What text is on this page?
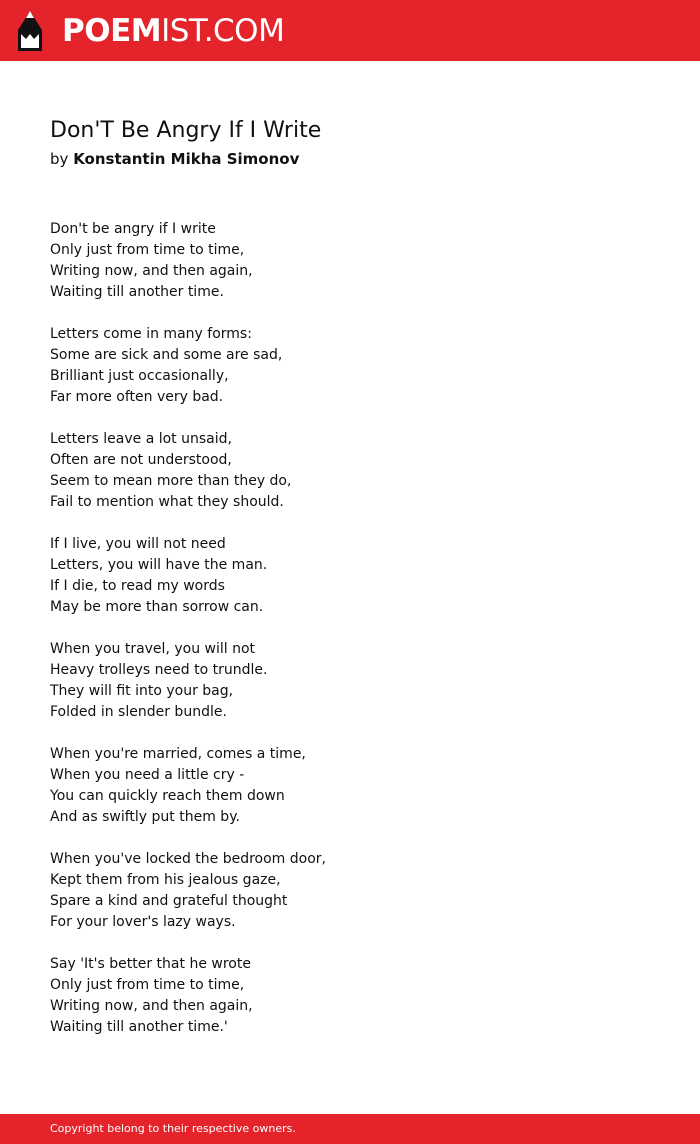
POEMIST.COM
Don'T Be Angry If I Write
by Konstantin Mikha Simonov
Don't be angry if I write
Only just from time to time,
Writing now, and then again,
Waiting till another time.
Letters come in many forms:
Some are sick and some are sad,
Brilliant just occasionally,
Far more often very bad.
Letters leave a lot unsaid,
Often are not understood,
Seem to mean more than they do,
Fail to mention what they should.
If I live, you will not need
Letters, you will have the man.
If I die, to read my words
May be more than sorrow can.
When you travel, you will not
Heavy trolleys need to trundle.
They will fit into your bag,
Folded in slender bundle.
When you're married, comes a time,
When you need a little cry -
You can quickly reach them down
And as swiftly put them by.
When you've locked the bedroom door,
Kept them from his jealous gaze,
Spare a kind and grateful thought
For your lover's lazy ways.
Say 'It's better that he wrote
Only just from time to time,
Writing now, and then again,
Waiting till another time.'
Copyright belong to their respective owners.
